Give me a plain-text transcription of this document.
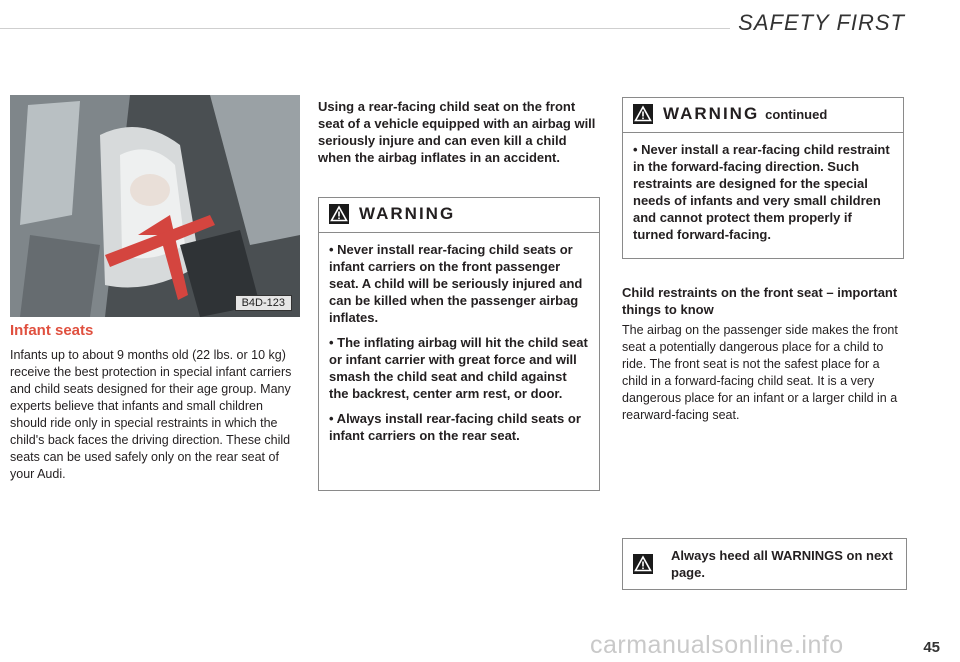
SAFETY FIRST
B4D-123
Infant seats
Infants up to about 9 months old (22 lbs. or 10 kg) receive the best protection in special infant carriers and child seats designed for their age group. Many experts believe that infants and small children should ride only in special restraints in which the child's back faces the driving direction. These child seats can be used safely only on the rear seat of your Audi.
Using a rear-facing child seat on the front seat of a vehicle equipped with an airbag will seriously injure and can even kill a child when the airbag inflates in an accident.
WARNING

• Never install rear-facing child seats or infant carriers on the front passenger seat. A child will be seriously injured and can be killed when the passenger airbag inflates.

• The inflating airbag will hit the child seat or infant carrier with great force and will smash the child seat and child against the backrest, center arm rest, or door.

• Always install rear-facing child seats or infant carriers on the rear seat.

WARNING continued

• Never install a rear-facing child restraint in the forward-facing direction. Such restraints are designed for the special needs of infants and very small children and cannot protect them properly if turned forward-facing.

Child restraints on the front seat – important things to know
The airbag on the passenger side makes the front seat a potentially dangerous place for a child to ride. The front seat is not the safest place for a child in a forward-facing child seat. It is a very dangerous place for an infant or a larger child in a rearward-facing seat.
Always heed all WARNINGS on next page.
carmanualsonline.info	45
